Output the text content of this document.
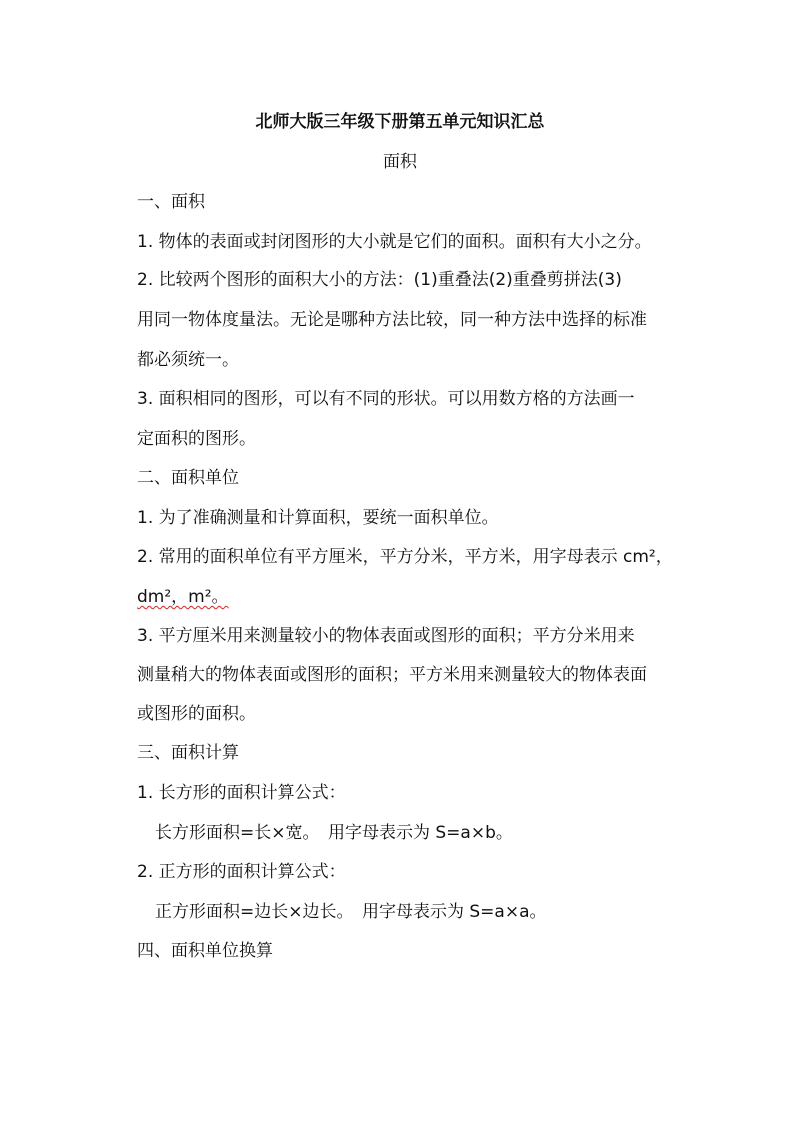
北师大版三年级下册第五单元知识汇总
面积
一、面积
1. 物体的表面或封闭图形的大小就是它们的面积。面积有大小之分。
2. 比较两个图形的面积大小的方法：(1)重叠法(2)重叠剪拼法(3)
用同一物体度量法。无论是哪种方法比较，同一种方法中选择的标准
都必须统一。
3. 面积相同的图形，可以有不同的形状。可以用数方格的方法画一
定面积的图形。
二、面积单位
1. 为了准确测量和计算面积，要统一面积单位。
2. 常用的面积单位有平方厘米，平方分米，平方米，用字母表示 cm²，
dm²，m²。
3. 平方厘米用来测量较小的物体表面或图形的面积；平方分米用来
测量稍大的物体表面或图形的面积；平方米用来测量较大的物体表面
或图形的面积。
三、面积计算
1. 长方形的面积计算公式：
长方形面积=长×宽。　用字母表示为 S=a×b。
2. 正方形的面积计算公式：
正方形面积=边长×边长。　用字母表示为 S=a×a。
四、面积单位换算
